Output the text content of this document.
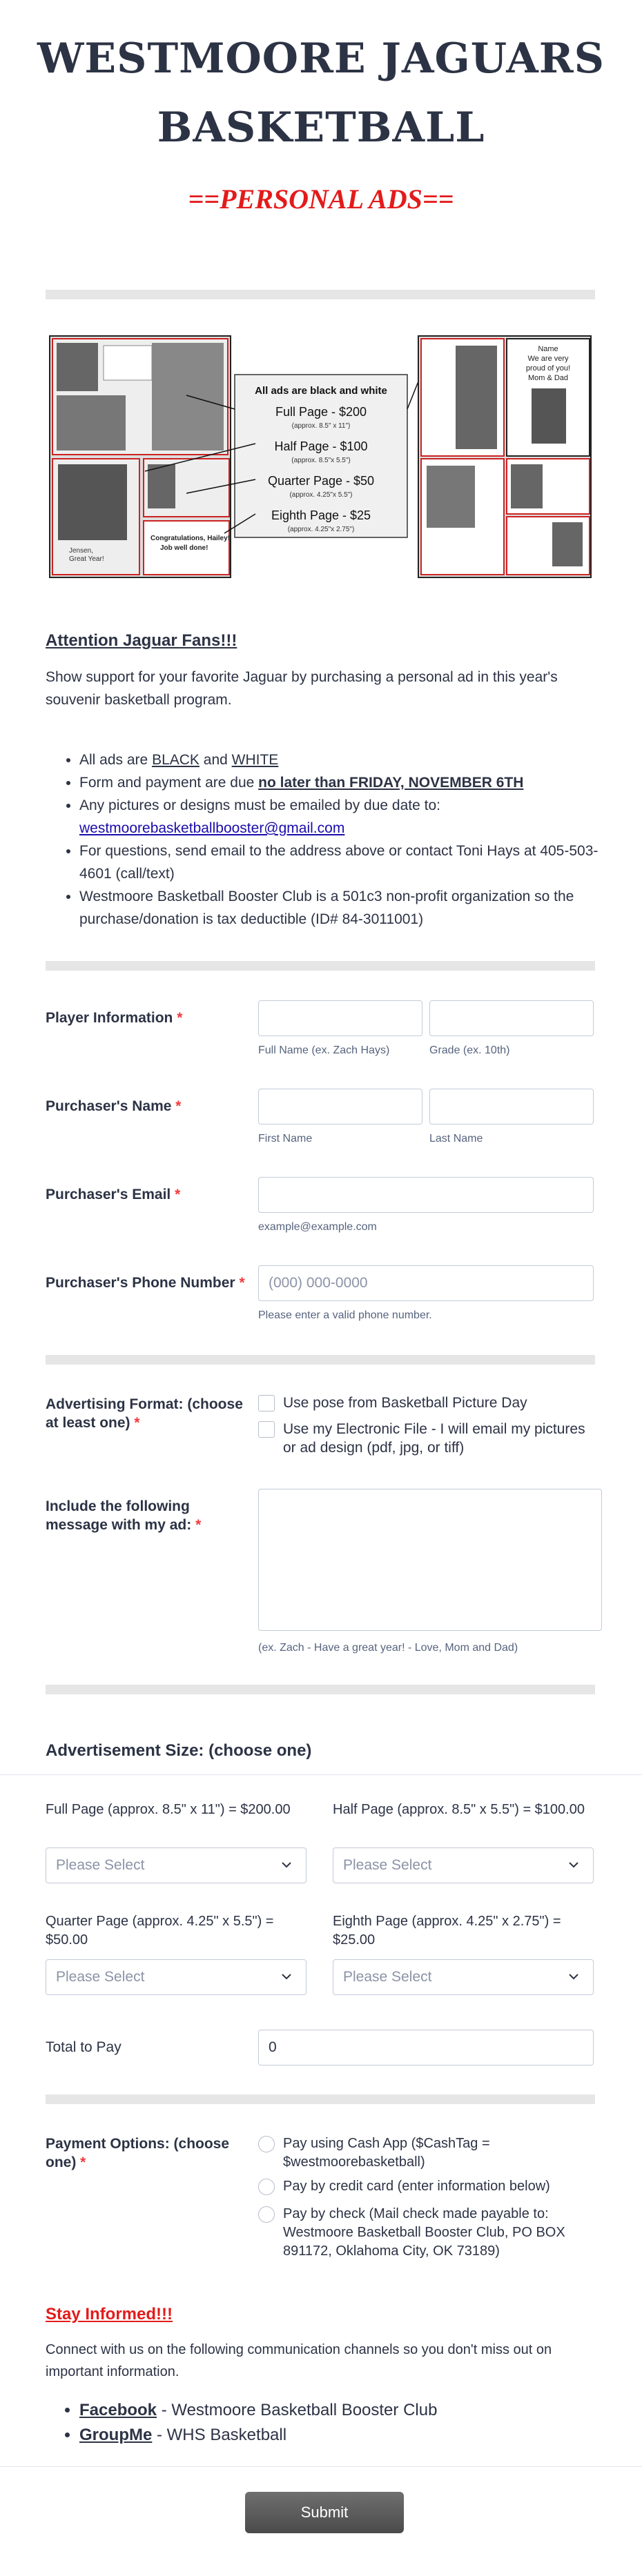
WESTMOORE JAGUARS
BASKETBALL
==PERSONAL ADS==
Jensen,
Great Year!
Congratulations, Hailey!
Job well done!
All ads are black and white
Full Page - $200
(approx. 8.5" x 11")
Half Page - $100
(approx. 8.5"x 5.5")
Quarter Page - $50
(approx. 4.25"x 5.5")
Eighth Page - $25
(approx. 4.25"x 2.75")
Name
We are very
proud of you!
Mom & Dad
Attention Jaguar Fans!!!
Show support for your favorite Jaguar by purchasing a personal ad in this year's souvenir basketball program.
• All ads are BLACK and WHITE
• Form and payment are due no later than FRIDAY, NOVEMBER 6TH
• Any pictures or designs must be emailed by due date to:
westmoorebasketballbooster@gmail.com
• For questions, send email to the address above or contact Toni Hays at 405-503-4601 (call/text)
• Westmoore Basketball Booster Club is a 501c3 non-profit organization so the purchase/donation is tax deductible (ID# 84-3011001)
Player Information *
Full Name (ex. Zach Hays)	Grade (ex. 10th)
Purchaser's Name *
First Name	Last Name
Purchaser's Email *
example@example.com
Purchaser's Phone Number *	(000) 000-0000
Please enter a valid phone number.
Advertising Format: (choose at least one) *
Use pose from Basketball Picture Day
Use my Electronic File - I will email my pictures or ad design (pdf, jpg, or tiff)
Include the following message with my ad: *
(ex. Zach - Have a great year! - Love, Mom and Dad)
Advertisement Size: (choose one)
Full Page (approx. 8.5" x 11") = $200.00	Half Page (approx. 8.5" x 5.5") = $100.00
Please Select	Please Select
Quarter Page (approx. 4.25" x 5.5") = $50.00
Eighth Page (approx. 4.25" x 2.75") = $25.00
Please Select	Please Select
Total to Pay	0
Payment Options: (choose one) *
Pay using Cash App ($CashTag = $westmoorebasketball)
Pay by credit card (enter information below)
Pay by check (Mail check made payable to: Westmoore Basketball Booster Club, PO BOX 891172, Oklahoma City, OK 73189)
Stay Informed!!!
Connect with us on the following communication channels so you don't miss out on important information.
• Facebook - Westmoore Basketball Booster Club
• GroupMe - WHS Basketball
Submit
